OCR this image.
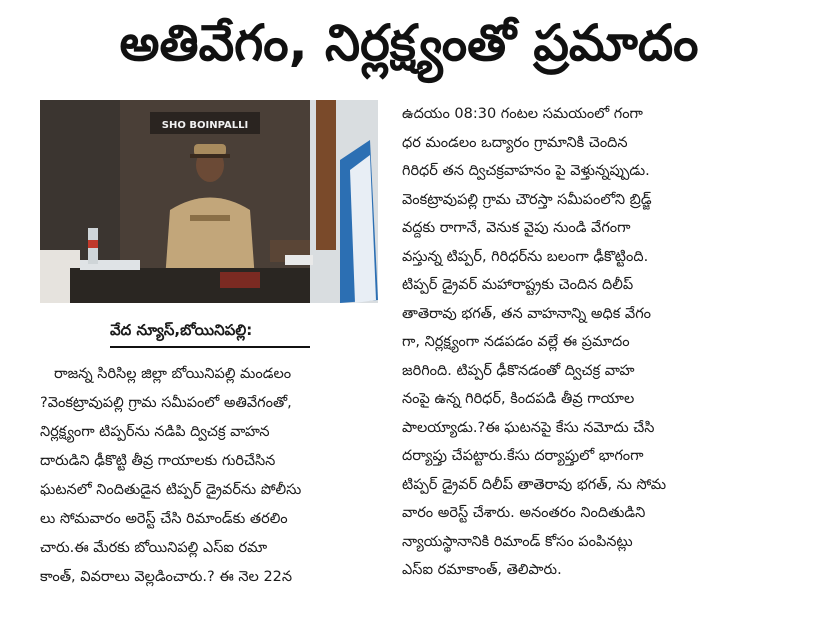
అతివేగం, నిర్లక్ష్యంతో ప్రమాదం
SHO BOINPALLI
వేద న్యూస్,బోయినిపల్లి:
రాజన్న సిరిసిల్ల జిల్లా బోయినిపల్లి మండలం
?వెంకట్రావుపల్లి గ్రామ సమీపంలో అతివేగంతో,
నిర్లక్ష్యంగా టిప్పర్‌ను నడిపి ద్విచక్ర వాహన
దారుడిని ఢీకొట్టి తీవ్ర గాయాలకు గురిచేసిన
ఘటనలో నిందితుడైన టిప్పర్ డ్రైవర్‌ను పోలీసు
లు సోమవారం అరెస్ట్ చేసి రిమాండ్‌కు తరలిం
చారు.ఈ మేరకు బోయినిపల్లి ఎస్ఐ రమా
కాంత్, వివరాలు వెల్లడించారు.? ఈ నెల 22న
ఉదయం 08:30 గంటల సమయంలో గంగా
ధర మండలం ఒద్యారం గ్రామానికి చెందిన
గిరిధర్ తన ద్విచక్రవాహనం పై వెళ్తున్నప్పుడు.
వెంకట్రావుపల్లి గ్రామ చౌరస్తా సమీపంలోని బ్రిడ్జ్
వద్దకు రాగానే, వెనుక వైపు నుండి వేగంగా
వస్తున్న టిప్పర్, గిరిధర్‌ను బలంగా ఢీకొట్టింది.
టిప్పర్ డ్రైవర్ మహారాష్ట్రకు చెందిన దిలీప్
తాతెరావు భగత్, తన వాహనాన్ని అధిక వేగం
గా, నిర్లక్ష్యంగా నడపడం వల్లే ఈ ప్రమాదం
జరిగింది. టిప్పర్ ఢీకొనడంతో ద్విచక్ర వాహ
నంపై ఉన్న గిరిధర్, కిందపడి తీవ్ర గాయాల
పాలయ్యాడు.?ఈ ఘటనపై కేసు నమోదు చేసి
దర్యాప్తు చేపట్టారు.కేసు దర్యాప్తులో భాగంగా
టిప్పర్ డ్రైవర్ దిలీప్ తాతెరావు భగత్, ను సోమ
వారం అరెస్ట్ చేశారు. అనంతరం నిందితుడిని
న్యాయస్థానానికి రిమాండ్ కోసం పంపినట్లు
ఎస్ఐ రమాకాంత్, తెలిపారు.
